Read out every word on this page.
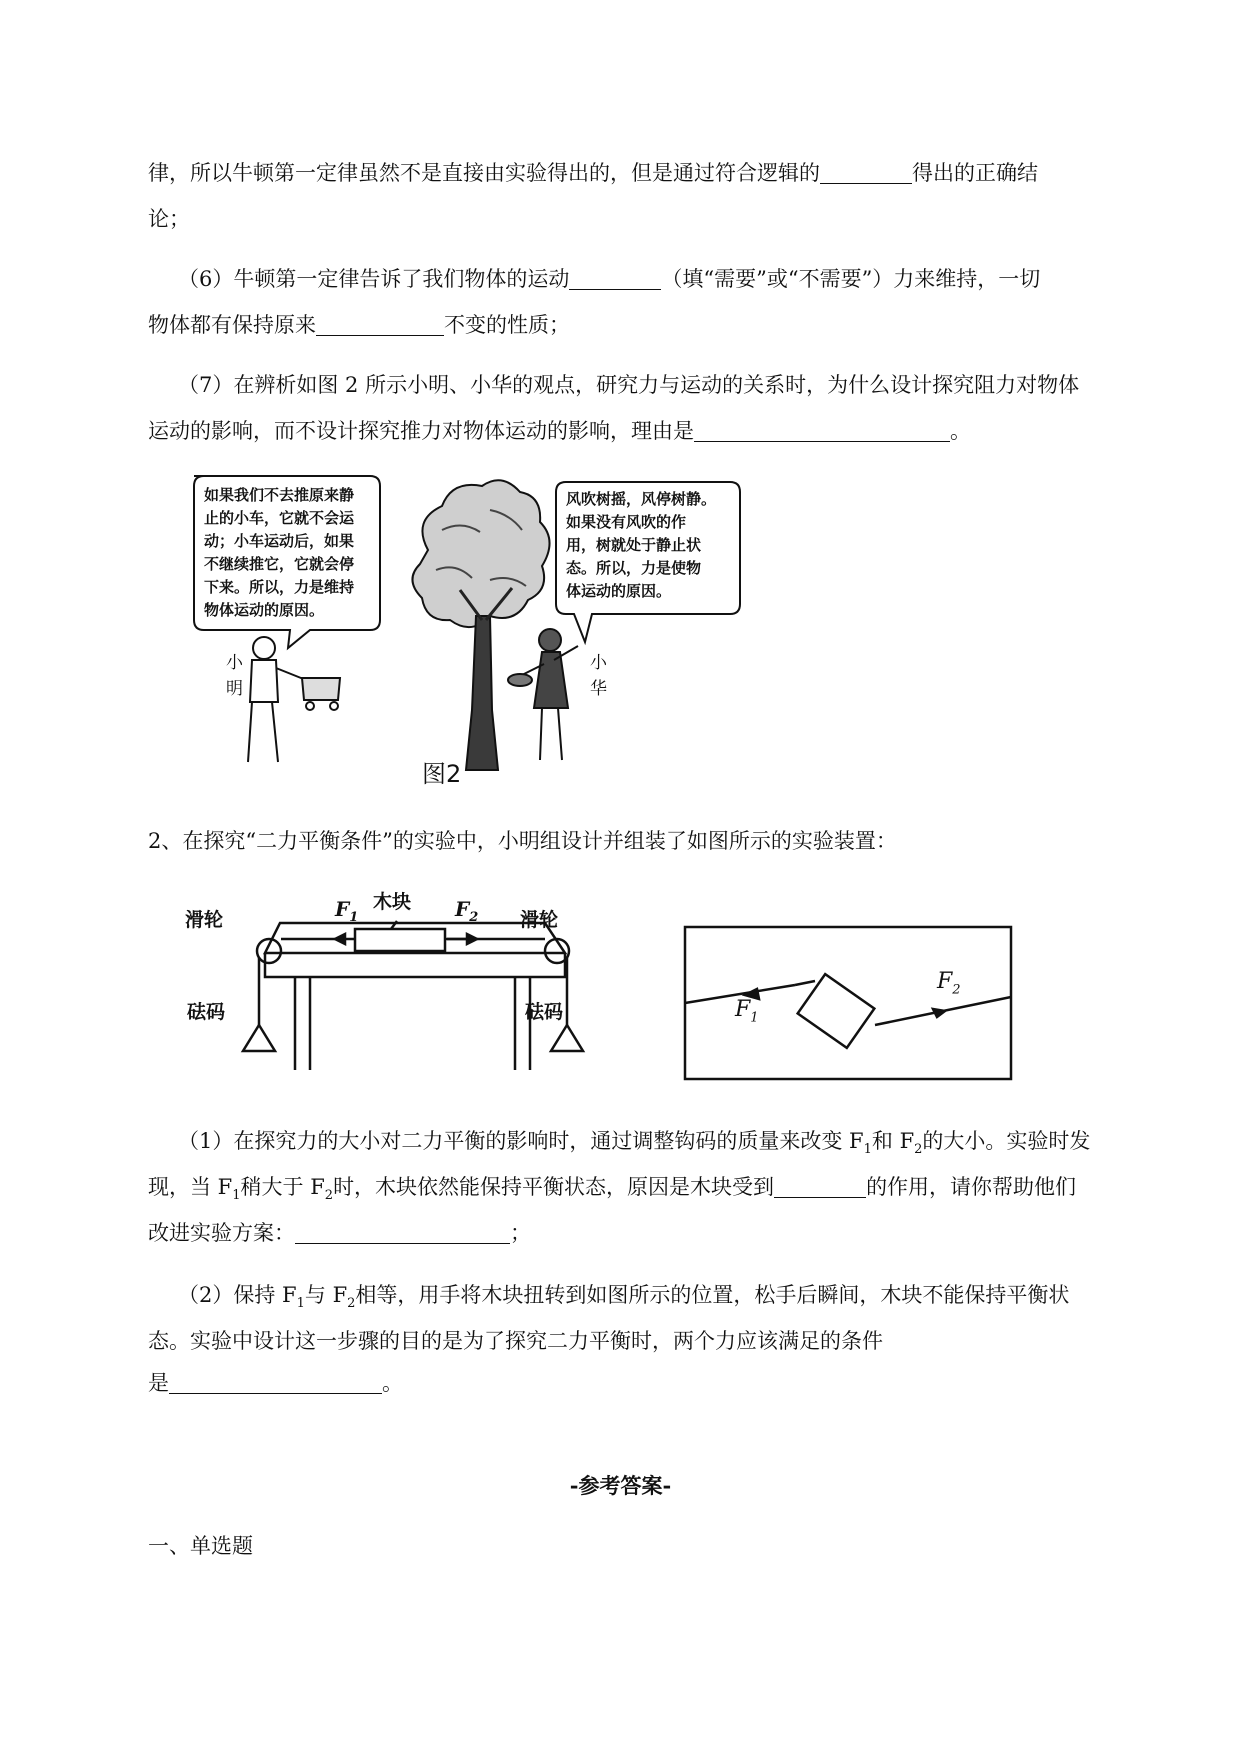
律，所以牛顿第一定律虽然不是直接由实验得出的，但是通过符合逻辑的	得出的正确结
论；
（6）牛顿第一定律告诉了我们物体的运动	（填“需要”或“不需要”）力来维持，一切
物体都有保持原来	不变的性质；
（7）在辨析如图 2 所示小明、小华的观点，研究力与运动的关系时，为什么设计探究阻力对物体
运动的影响，而不设计探究推力对物体运动的影响，理由是	。
如果我们不去推原来静
止的小车，它就不会运
动；小车运动后，如果
不继续推它，它就会停
下来。所以，力是维持
物体运动的原因。
风吹树摇，风停树静。
如果没有风吹的作
用，树就处于静止状
态。所以，力是使物
体运动的原因。
小
明
小
华
图2
2、在探究“二力平衡条件”的实验中，小明组设计并组装了如图所示的实验装置：
滑轮	滑轮
木块
砝码	砝码
$F_1$	$F_2$
$F_1$
$F_2$
（1）在探究力的大小对二力平衡的影响时，通过调整钩码的质量来改变 $F_1$和 $F_2$的大小。实验时发
现，当 $F_1$稍大于 $F_2$时，木块依然能保持平衡状态，原因是木块受到	的作用，请你帮助他们
改进实验方案：	；
（2）保持 $F_1$与 $F_2$相等，用手将木块扭转到如图所示的位置，松手后瞬间，木块不能保持平衡状
态。实验中设计这一步骤的目的是为了探究二力平衡时，两个力应该满足的条件
是	。
-参考答案-
一、单选题
